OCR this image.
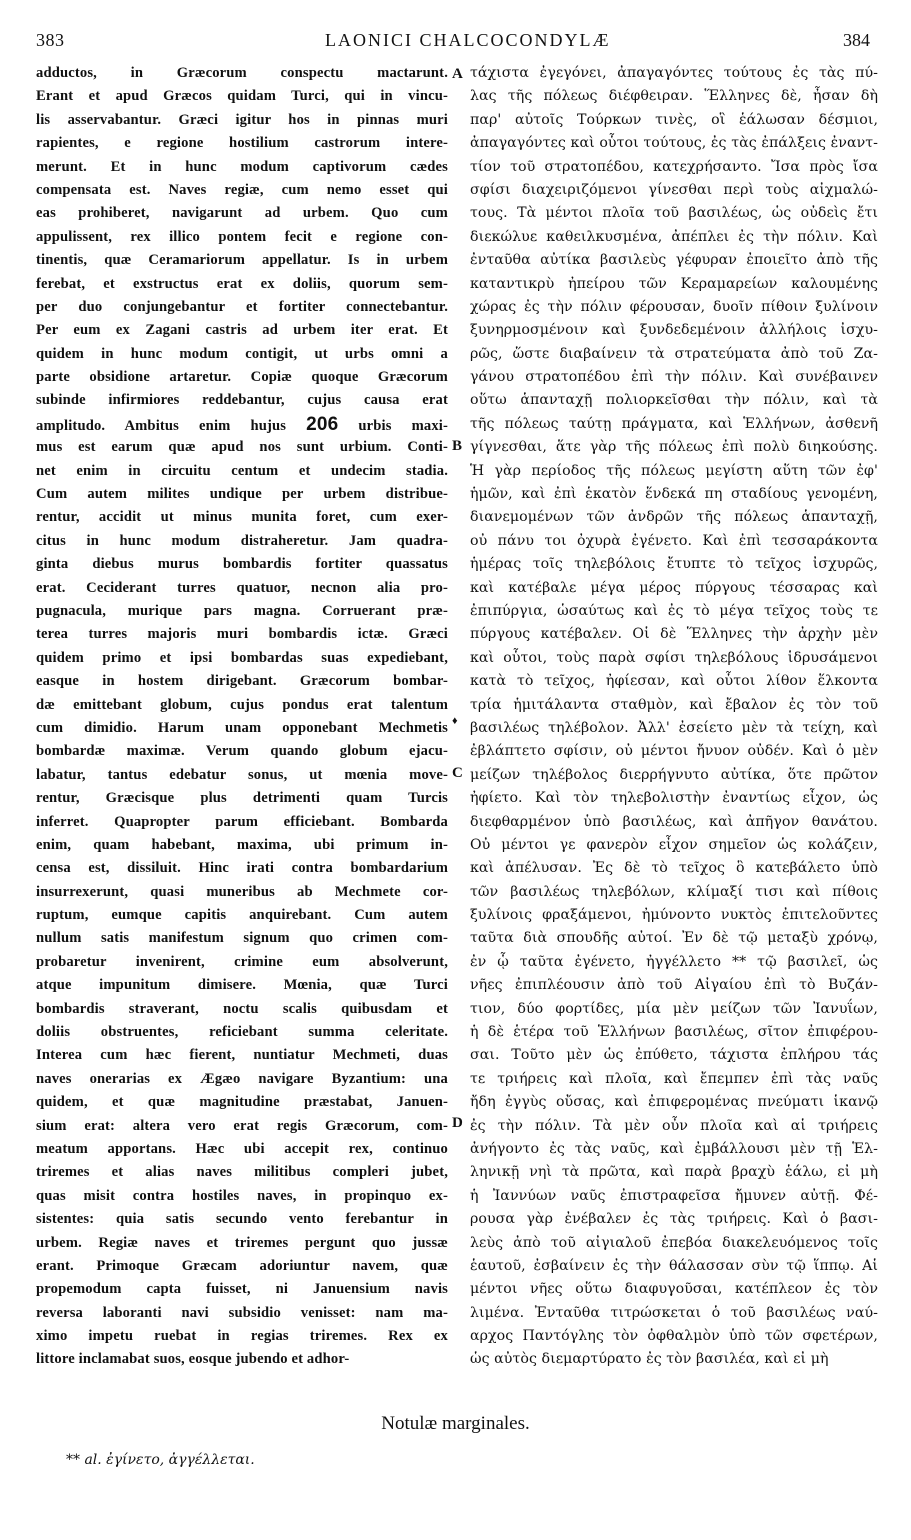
383	LAONICI CHALCOCONDYLÆ	384
adductos, in Græcorum conspectu mactarunt.
Erant et apud Græcos quidam Turci, qui in vincu-
lis asservabantur. Græci igitur hos in pinnas muri
rapientes, e regione hostilium castrorum intere-
merunt. Et in hunc modum captivorum cædes
compensata est. Naves regiæ, cum nemo esset qui
eas prohiberet, navigarunt ad urbem. Quo cum
appulissent, rex illico pontem fecit e regione con-
tinentis, quæ Ceramariorum appellatur. Is in urbem
ferebat, et exstructus erat ex doliis, quorum sem-
per duo conjungebantur et fortiter connectebantur.
Per eum ex Zagani castris ad urbem iter erat. Et
quidem in hunc modum contigit, ut urbs omni a
parte obsidione artaretur. Copiæ quoque Græcorum
subinde infirmiores reddebantur, cujus causa erat
amplitudo. Ambitus enim hujus 206 urbis maxi-
mus est earum quæ apud nos sunt urbium. Conti-
net enim in circuitu centum et undecim stadia.
Cum autem milites undique per urbem distribue-
rentur, accidit ut minus munita foret, cum exer-
citus in hunc modum distraheretur. Jam quadra-
ginta diebus murus bombardis fortiter quassatus
erat. Ceciderant turres quatuor, necnon alia pro-
pugnacula, murique pars magna. Corruerant præ-
terea turres majoris muri bombardis ictæ. Græci
quidem primo et ipsi bombardas suas expediebant,
easque in hostem dirigebant. Græcorum bombar-
dæ emittebant globum, cujus pondus erat talentum
cum dimidio. Harum unam opponebant Mechmetis
bombardæ maximæ. Verum quando globum ejacu-
labatur, tantus edebatur sonus, ut mœnia move-
rentur, Græcisque plus detrimenti quam Turcis
inferret. Quapropter parum efficiebant. Bombarda
enim, quam habebant, maxima, ubi primum in-
censa est, dissiluit. Hinc irati contra bombardarium
insurrexerunt, quasi muneribus ab Mechmete cor-
ruptum, eumque capitis anquirebant. Cum autem
nullum satis manifestum signum quo crimen com-
probaretur invenirent, crimine eum absolverunt,
atque impunitum dimisere. Mœnia, quæ Turci
bombardis straverant, noctu scalis quibusdam et
doliis obstruentes, reficiebant summa celeritate.
Interea cum hæc fierent, nuntiatur Mechmeti, duas
naves onerarias ex Ægæo navigare Byzantium: una
quidem, et quæ magnitudine præstabat, Januen-
sium erat: altera vero erat regis Græcorum, com-
meatum apportans. Hæc ubi accepit rex, continuo
triremes et alias naves militibus compleri jubet,
quas misit contra hostiles naves, in propinquo ex-
sistentes: quia satis secundo vento ferebantur in
urbem. Regiæ naves et triremes pergunt quo jussæ
erant. Primoque Græcam adoriuntur navem, quæ
propemodum capta fuisset, ni Januensium navis
reversa laboranti navi subsidio venisset: nam ma-
ximo impetu ruebat in regias triremes. Rex ex
littore inclamabat suos, eosque jubendo et adhor-
τάχιστα ἐγεγόνει, ἀπαγαγόντες τούτους ἐς τὰς πύ-
λας τῆς πόλεως διέφθειραν. Ἕλληνες δὲ, ἦσαν δὴ
παρ' αὐτοῖς Τούρκων τινὲς, οἳ ἑάλωσαν δέσμιοι,
ἀπαγαγόντες καὶ οὗτοι τούτους, ἐς τὰς ἐπάλξεις ἐναντ-
τίον τοῦ στρατοπέδου, κατεχρήσαντο. Ἴσα πρὸς ἴσα
σφίσι διαχειριζόμενοι γίνεσθαι περὶ τοὺς αἰχμαλώ-
τους. Τὰ μέντοι πλοῖα τοῦ βασιλέως, ὡς οὐδεὶς ἔτι
διεκώλυε καθειλκυσμένα, ἀπέπλει ἐς τὴν πόλιν. Καὶ
ἐνταῦθα αὐτίκα βασιλεὺς γέφυραν ἐποιεῖτο ἀπὸ τῆς
καταντικρὺ ἠπείρου τῶν Κεραμαρείων καλουμένης
χώρας ἐς τὴν πόλιν φέρουσαν, δυοῖν πίθοιν ξυλίνοιν
ξυνηρμοσμένοιν καὶ ξυνδεδεμένοιν ἀλλήλοις ἰσχυ-
ρῶς, ὥστε διαβαίνειν τὰ στρατεύματα ἀπὸ τοῦ Ζα-
γάνου στρατοπέδου ἐπὶ τὴν πόλιν. Καὶ συνέβαινεν
οὕτω ἁπανταχῇ πολιορκεῖσθαι τὴν πόλιν, καὶ τὰ
τῆς πόλεως ταύτῃ πράγματα, καὶ Ἑλλήνων, ἀσθενῆ
γίγνεσθαι, ἅτε γὰρ τῆς πόλεως ἐπὶ πολὺ διηκούσης.
Ἡ γὰρ περίοδος τῆς πόλεως μεγίστη αὕτη τῶν ἐφ'
ἡμῶν, καὶ ἐπὶ ἑκατὸν ἕνδεκά πη σταδίους γενομένη,
διανεμομένων τῶν ἀνδρῶν τῆς πόλεως ἁπανταχῇ,
οὐ πάνυ τοι ὀχυρὰ ἐγένετο. Καὶ ἐπὶ τεσσαράκοντα
ἡμέρας τοῖς τηλεβόλοις ἔτυπτε τὸ τεῖχος ἰσχυρῶς,
καὶ κατέβαλε μέγα μέρος πύργους τέσσαρας καὶ
ἐπιπύργια, ὡσαύτως καὶ ἐς τὸ μέγα τεῖχος τοὺς τε
πύργους κατέβαλεν. Οἱ δὲ Ἕλληνες τὴν ἀρχὴν μὲν
καὶ οὗτοι, τοὺς παρὰ σφίσι τηλεβόλους ἱδρυσάμενοι
κατὰ τὸ τεῖχος, ἠφίεσαν, καὶ οὗτοι λίθον ἕλκοντα
τρία ἡμιτάλαντα σταθμὸν, καὶ ἔβαλον ἐς τὸν τοῦ
βασιλέως τηλέβολον. Ἀλλ' ἐσείετο μὲν τὰ τείχη, καὶ
ἐβλάπτετο σφίσιν, οὐ μέντοι ἤνυον οὐδέν. Καὶ ὁ μὲν
μείζων τηλέβολος διερρήγνυτο αὐτίκα, ὅτε πρῶτον
ἠφίετο. Καὶ τὸν τηλεβολιστὴν ἐναντίως εἶχον, ὡς
διεφθαρμένον ὑπὸ βασιλέως, καὶ ἀπῆγον θανάτου.
Οὐ μέντοι γε φανερὸν εἶχον σημεῖον ὡς κολάζειν,
καὶ ἀπέλυσαν. Ἐς δὲ τὸ τεῖχος ὃ κατεβάλετο ὑπὸ
τῶν βασιλέως τηλεβόλων, κλίμαξί τισι καὶ πίθοις
ξυλίνοις φραξάμενοι, ἠμύνοντο νυκτὸς ἐπιτελοῦντες
ταῦτα διὰ σπουδῆς αὐτοί. Ἐν δὲ τῷ μεταξὺ χρόνῳ,
ἐν ᾧ ταῦτα ἐγένετο, ἠγγέλλετο ** τῷ βασιλεῖ, ὡς
νῆες ἐπιπλέουσιν ἀπὸ τοῦ Αἰγαίου ἐπὶ τὸ Βυζάν-
τιον, δύο φορτίδες, μία μὲν μείζων τῶν Ἰανυΐων,
ἡ δὲ ἑτέρα τοῦ Ἑλλήνων βασιλέως, σῖτον ἐπιφέρου-
σαι. Τοῦτο μὲν ὡς ἐπύθετο, τάχιστα ἐπλήρου τάς
τε τριήρεις καὶ πλοῖα, καὶ ἔπεμπεν ἐπὶ τὰς ναῦς
ἤδη ἐγγὺς οὔσας, καὶ ἐπιφερομένας πνεύματι ἱκανῷ
ἐς τὴν πόλιν. Τὰ μὲν οὖν πλοῖα καὶ αἱ τριήρεις
ἀνήγοντο ἐς τὰς ναῦς, καὶ ἐμβάλλουσι μὲν τῇ Ἑλ-
ληνικῇ νηὶ τὰ πρῶτα, καὶ παρὰ βραχὺ ἑάλω, εἰ μὴ
ἡ Ἰαννύων ναῦς ἐπιστραφεῖσα ἤμυνεν αὐτῇ. Φέ-
ρουσα γὰρ ἐνέβαλεν ἐς τὰς τριήρεις. Καὶ ὁ βασι-
λεὺς ἀπὸ τοῦ αἰγιαλοῦ ἐπεβόα διακελευόμενος τοῖς
ἑαυτοῦ, ἐσβαίνειν ἐς τὴν θάλασσαν σὺν τῷ ἵππῳ. Αἱ
μέντοι νῆες οὕτω διαφυγοῦσαι, κατέπλεον ἐς τὸν
λιμένα. Ἐνταῦθα τιτρώσκεται ὁ τοῦ βασιλέως ναύ-
αρχος Παντόγλης τὸν ὀφθαλμὸν ὑπὸ τῶν σφετέρων,
ὡς αὐτὸς διεμαρτύρατο ἐς τὸν βασιλέα, καὶ εἰ μὴ
A
B
C
D
♦
Notulæ marginales.
** al. ἐγίνετο, ἀγγέλλεται.
